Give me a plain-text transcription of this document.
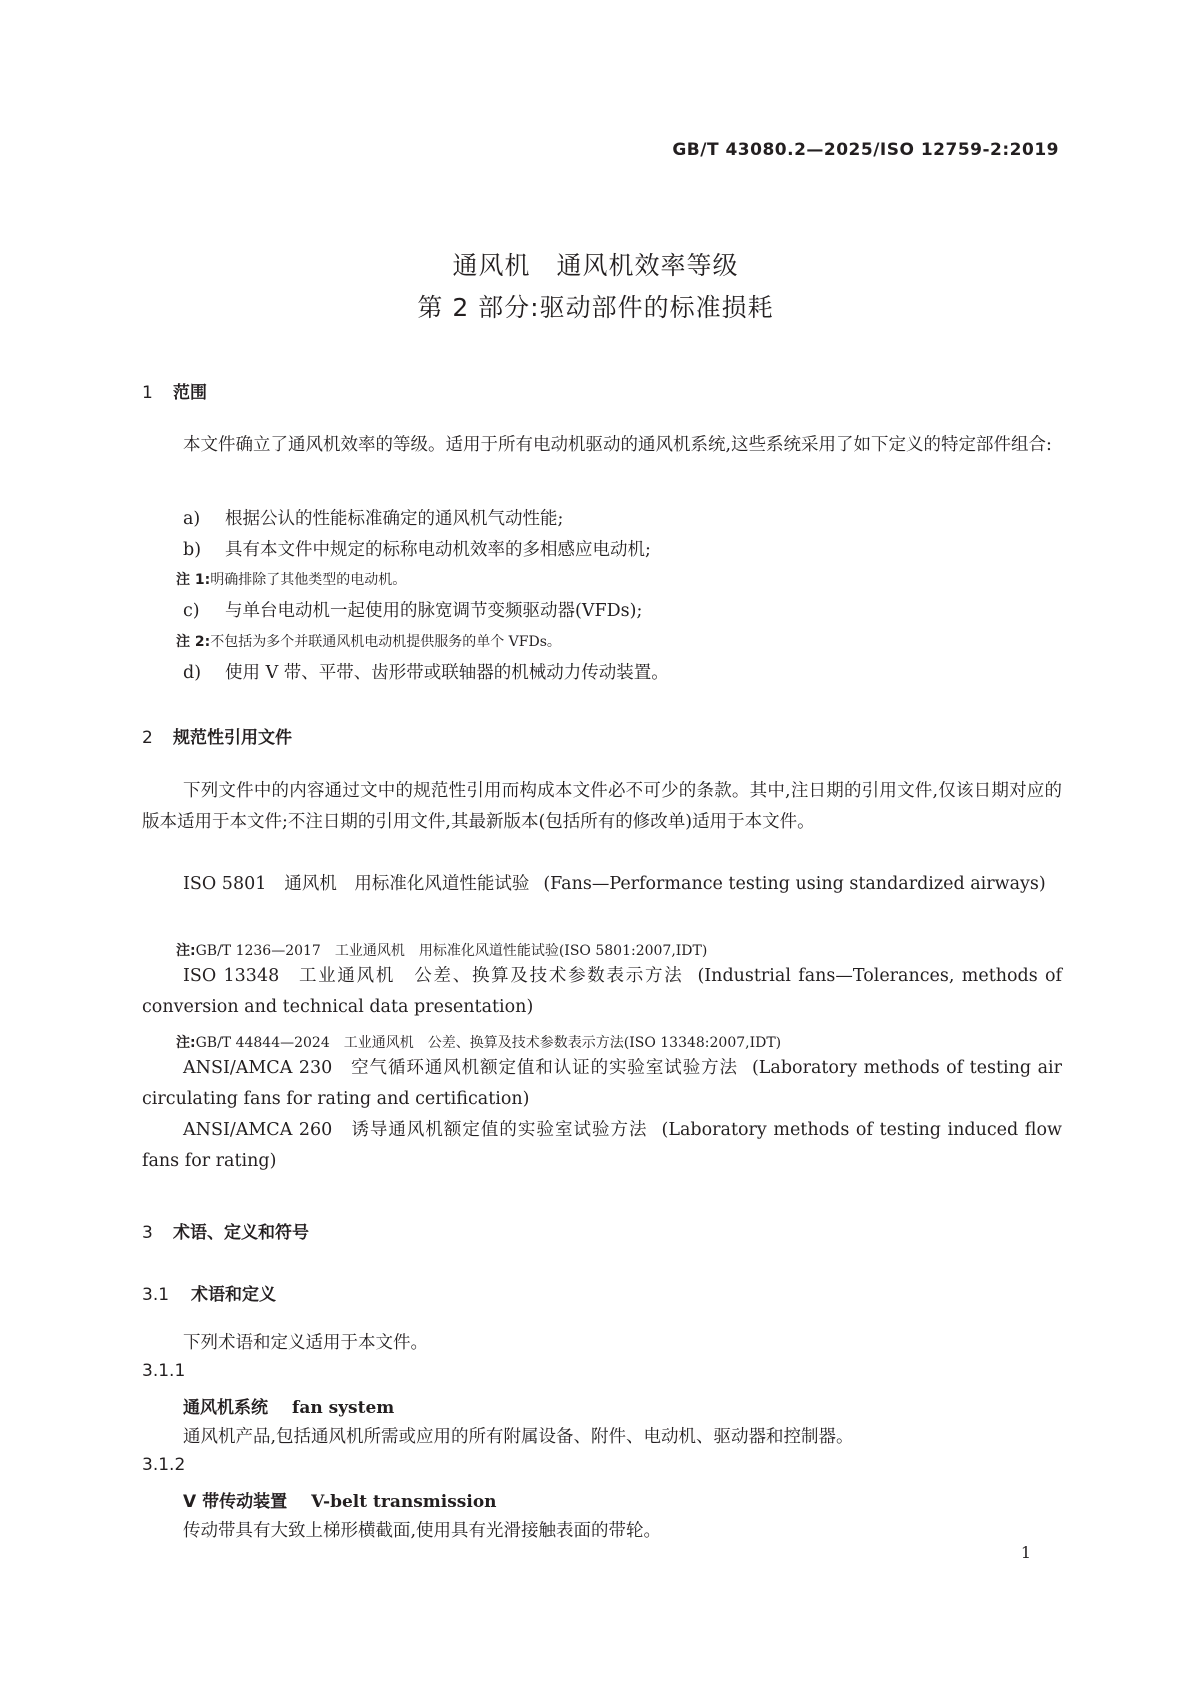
GB/T 43080.2—2025/ISO 12759-2:2019
通风机　通风机效率等级
第 2 部分:驱动部件的标准损耗
1 范围
本文件确立了通风机效率的等级。适用于所有电动机驱动的通风机系统,这些系统采用了如下定义的特定部件组合:
a) 根据公认的性能标准确定的通风机气动性能;
b) 具有本文件中规定的标称电动机效率的多相感应电动机;
注 1:明确排除了其他类型的电动机。
c) 与单台电动机一起使用的脉宽调节变频驱动器(VFDs);
注 2:不包括为多个并联通风机电动机提供服务的单个 VFDs。
d) 使用 V 带、平带、齿形带或联轴器的机械动力传动装置。
2 规范性引用文件
下列文件中的内容通过文中的规范性引用而构成本文件必不可少的条款。其中,注日期的引用文件,仅该日期对应的版本适用于本文件;不注日期的引用文件,其最新版本(包括所有的修改单)适用于本文件。
ISO 5801 通风机　用标准化风道性能试验 (Fans—Performance testing using standardized airways)
注:GB/T 1236—2017　工业通风机　用标准化风道性能试验(ISO 5801:2007,IDT)
ISO 13348 工业通风机　公差、换算及技术参数表示方法 (Industrial fans—Tolerances, methods of conversion and technical data presentation)
注:GB/T 44844—2024　工业通风机　公差、换算及技术参数表示方法(ISO 13348:2007,IDT)
ANSI/AMCA 230 空气循环通风机额定值和认证的实验室试验方法 (Laboratory methods of testing air circulating fans for rating and certification)
ANSI/AMCA 260 诱导通风机额定值的实验室试验方法 (Laboratory methods of testing induced flow fans for rating)
3 术语、定义和符号
3.1 术语和定义
下列术语和定义适用于本文件。
3.1.1
通风机系统 fan system
通风机产品,包括通风机所需或应用的所有附属设备、附件、电动机、驱动器和控制器。
3.1.2
V 带传动装置 V-belt transmission
传动带具有大致上梯形横截面,使用具有光滑接触表面的带轮。
1
